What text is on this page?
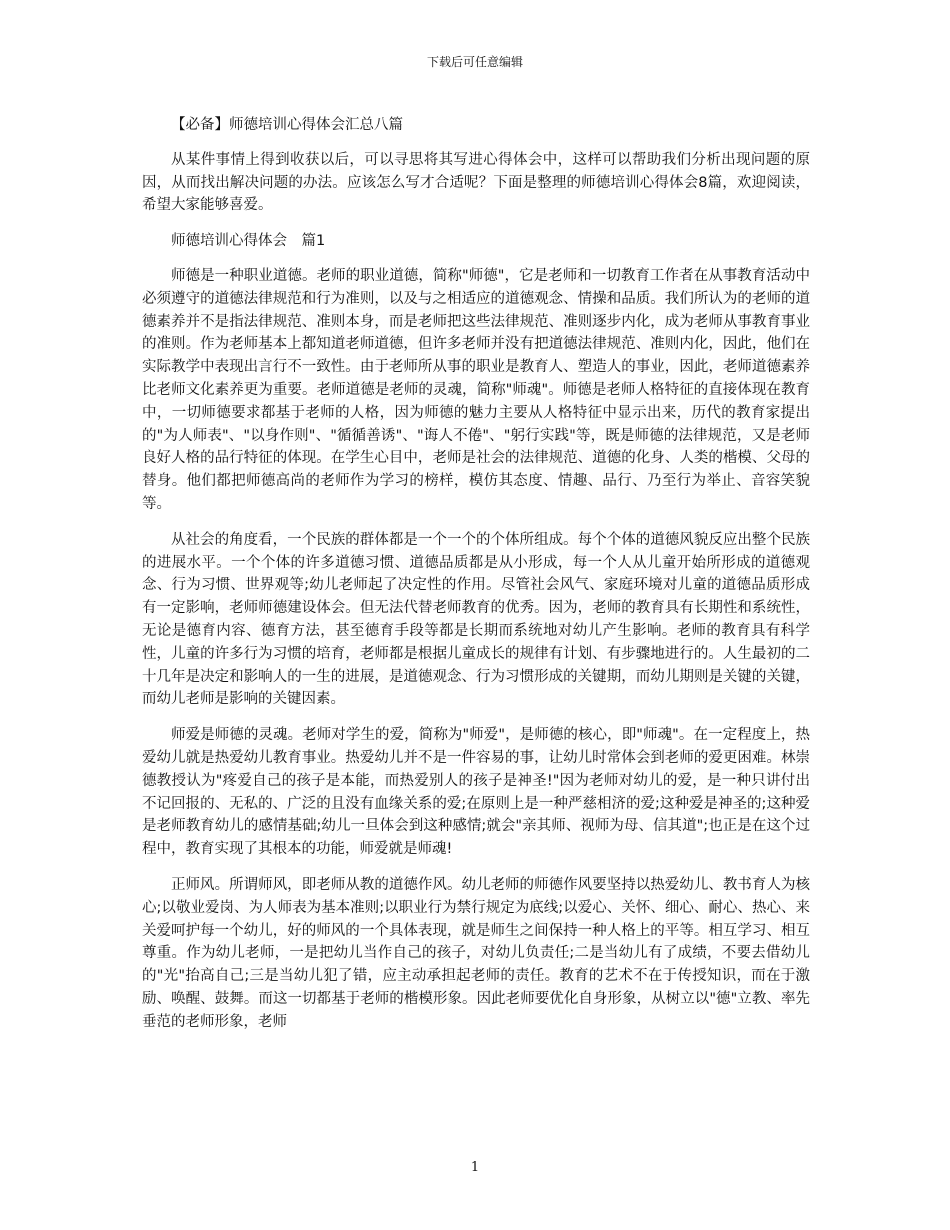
下载后可任意编辑

【必备】师德培训心得体会汇总八篇

从某件事情上得到收获以后，可以寻思将其写进心得体会中，这样可以帮助我们分析出现问题的原因，从而找出解决问题的办法。应该怎么写才合适呢？下面是整理的师德培训心得体会8篇，欢迎阅读，希望大家能够喜爱。

师德培训心得体会　篇1

师德是一种职业道德。老师的职业道德，简称"师德"，它是老师和一切教育工作者在从事教育活动中必须遵守的道德法律规范和行为准则，以及与之相适应的道德观念、情操和品质。我们所认为的老师的道德素养并不是指法律规范、准则本身，而是老师把这些法律规范、准则逐步内化，成为老师从事教育事业的准则。作为老师基本上都知道老师道德，但许多老师并没有把道德法律规范、准则内化，因此，他们在实际教学中表现出言行不一致性。由于老师所从事的职业是教育人、塑造人的事业，因此，老师道德素养比老师文化素养更为重要。老师道德是老师的灵魂，简称"师魂"。师德是老师人格特征的直接体现在教育中，一切师德要求都基于老师的人格，因为师德的魅力主要从人格特征中显示出来，历代的教育家提出的"为人师表"、"以身作则"、"循循善诱"、"诲人不倦"、"躬行实践"等，既是师德的法律规范，又是老师良好人格的品行特征的体现。在学生心目中，老师是社会的法律规范、道德的化身、人类的楷模、父母的替身。他们都把师德高尚的老师作为学习的榜样，模仿其态度、情趣、品行、乃至行为举止、音容笑貌等。

从社会的角度看，一个民族的群体都是一个一个的个体所组成。每个个体的道德风貌反应出整个民族的进展水平。一个个体的许多道德习惯、道德品质都是从小形成，每一个人从儿童开始所形成的道德观念、行为习惯、世界观等;幼儿老师起了决定性的作用。尽管社会风气、家庭环境对儿童的道德品质形成有一定影响，老师师德建设体会。但无法代替老师教育的优秀。因为，老师的教育具有长期性和系统性，无论是德育内容、德育方法，甚至德育手段等都是长期而系统地对幼儿产生影响。老师的教育具有科学性，儿童的许多行为习惯的培育，老师都是根据儿童成长的规律有计划、有步骤地进行的。人生最初的二十几年是决定和影响人的一生的进展，是道德观念、行为习惯形成的关键期，而幼儿期则是关键的关键，而幼儿老师是影响的关键因素。

师爱是师德的灵魂。老师对学生的爱，简称为"师爱"，是师德的核心，即"师魂"。在一定程度上，热爱幼儿就是热爱幼儿教育事业。热爱幼儿并不是一件容易的事，让幼儿时常体会到老师的爱更困难。林崇德教授认为"疼爱自己的孩子是本能，而热爱别人的孩子是神圣!"因为老师对幼儿的爱，是一种只讲付出不记回报的、无私的、广泛的且没有血缘关系的爱;在原则上是一种严慈相济的爱;这种爱是神圣的;这种爱是老师教育幼儿的感情基础;幼儿一旦体会到这种感情;就会"亲其师、视师为母、信其道";也正是在这个过程中，教育实现了其根本的功能，师爱就是师魂!

正师风。所谓师风，即老师从教的道德作风。幼儿老师的师德作风要坚持以热爱幼儿、教书育人为核心;以敬业爱岗、为人师表为基本准则;以职业行为禁行规定为底线;以爱心、关怀、细心、耐心、热心、来关爱呵护每一个幼儿，好的师风的一个具体表现，就是师生之间保持一种人格上的平等。相互学习、相互尊重。作为幼儿老师，一是把幼儿当作自己的孩子，对幼儿负责任;二是当幼儿有了成绩，不要去借幼儿的"光"抬高自己;三是当幼儿犯了错，应主动承担起老师的责任。教育的艺术不在于传授知识，而在于激励、唤醒、鼓舞。而这一切都基于老师的楷模形象。因此老师要优化自身形象，从树立以"德"立教、率先垂范的老师形象，老师

1
